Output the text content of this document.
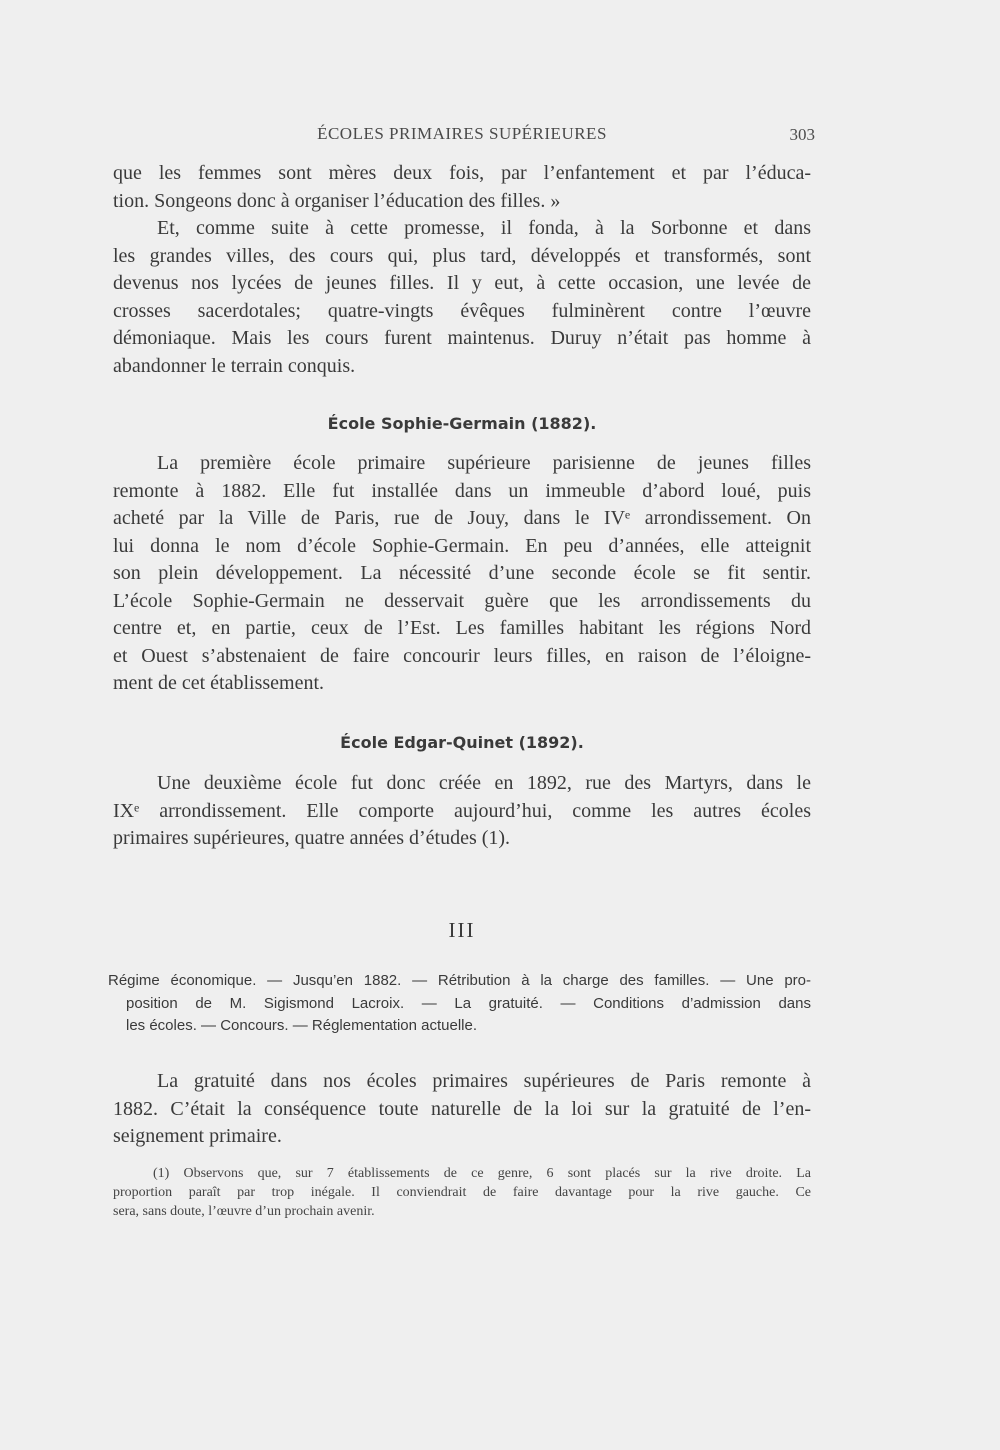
ÉCOLES PRIMAIRES SUPÉRIEURES	303
que les femmes sont mères deux fois, par l’enfantement et par l’éduca-
tion. Songeons donc à organiser l’éducation des filles. »
Et, comme suite à cette promesse, il fonda, à la Sorbonne et dans
les grandes villes, des cours qui, plus tard, développés et transformés, sont
devenus nos lycées de jeunes filles. Il y eut, à cette occasion, une levée de
crosses sacerdotales; quatre-vingts évêques fulminèrent contre l’œuvre
démoniaque. Mais les cours furent maintenus. Duruy n’était pas homme à
abandonner le terrain conquis.
École Sophie-Germain (1882).
La première école primaire supérieure parisienne de jeunes filles
remonte à 1882. Elle fut installée dans un immeuble d’abord loué, puis
acheté par la Ville de Paris, rue de Jouy, dans le IVᵉ arrondissement. On
lui donna le nom d’école Sophie-Germain. En peu d’années, elle atteignit
son plein développement. La nécessité d’une seconde école se fit sentir.
L’école Sophie-Germain ne desservait guère que les arrondissements du
centre et, en partie, ceux de l’Est. Les familles habitant les régions Nord
et Ouest s’abstenaient de faire concourir leurs filles, en raison de l’éloigne-
ment de cet établissement.
École Edgar-Quinet (1892).
Une deuxième école fut donc créée en 1892, rue des Martyrs, dans le
IXᵉ arrondissement. Elle comporte aujourd’hui, comme les autres écoles
primaires supérieures, quatre années d’études (1).
III
Régime économique. — Jusqu’en 1882. — Rétribution à la charge des familles. — Une pro-
position de M. Sigismond Lacroix. — La gratuité. — Conditions d’admission dans
les écoles. — Concours. — Réglementation actuelle.
La gratuité dans nos écoles primaires supérieures de Paris remonte à
1882. C’était la conséquence toute naturelle de la loi sur la gratuité de l’en-
seignement primaire.
(1) Observons que, sur 7 établissements de ce genre, 6 sont placés sur la rive droite. La
proportion paraît par trop inégale. Il conviendrait de faire davantage pour la rive gauche. Ce
sera, sans doute, l’œuvre d’un prochain avenir.
